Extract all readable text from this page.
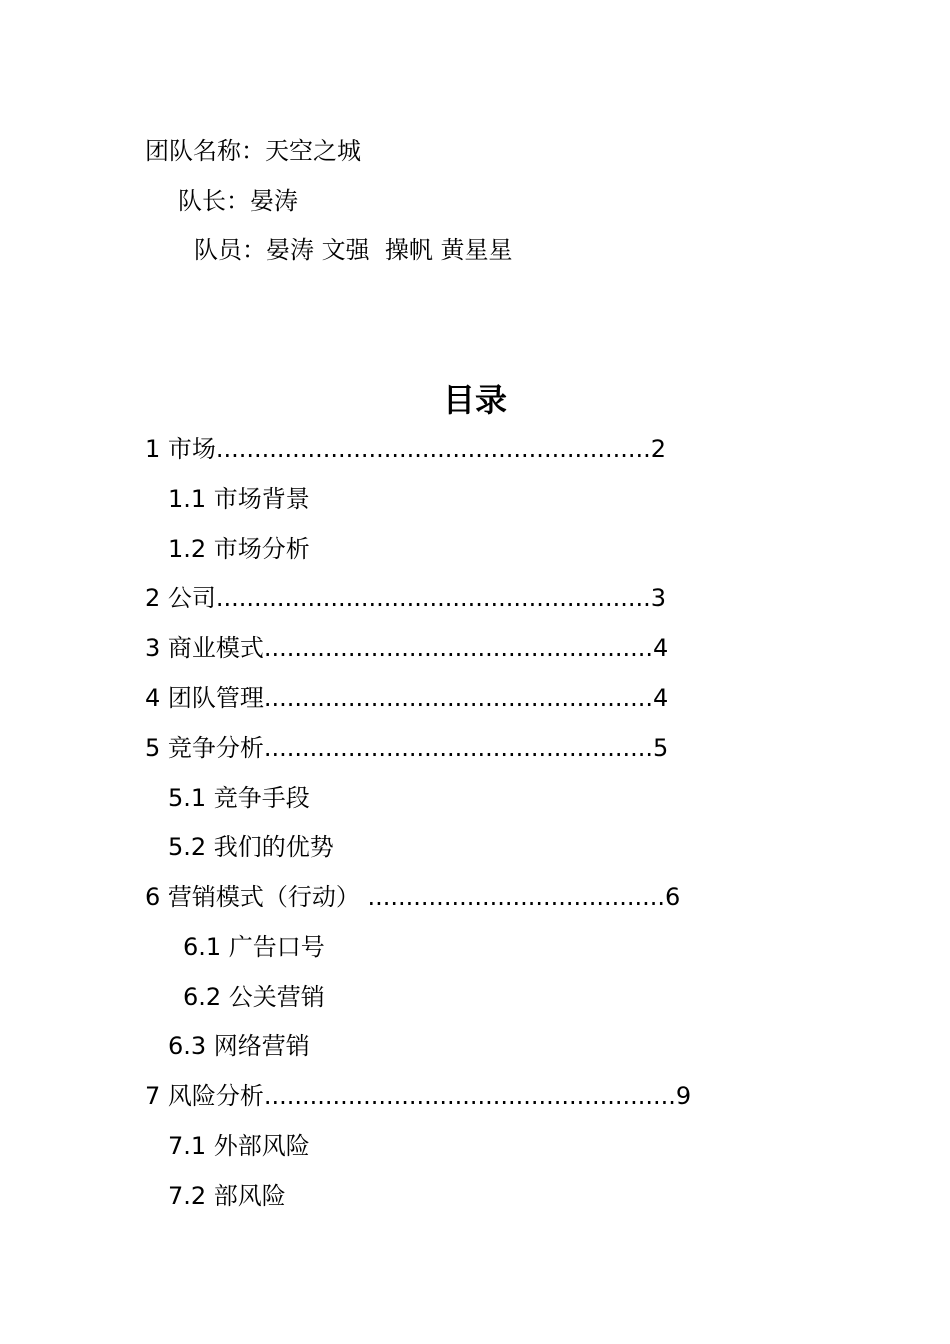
团队名称：天空之城
队长：晏涛
队员：晏涛 文强  操帆 黄星星
目录
1 市场.........................................................2
1.1 市场背景
1.2 市场分析
2 公司.........................................................3
3 商业模式...................................................4
4 团队管理...................................................4
5 竞争分析...................................................5
5.1 竞争手段
5.2 我们的优势
6 营销模式（行动） .......................................6
6.1 广告口号
6.2 公关营销
6.3 网络营销
7 风险分析......................................................9
7.1 外部风险
7.2 部风险
